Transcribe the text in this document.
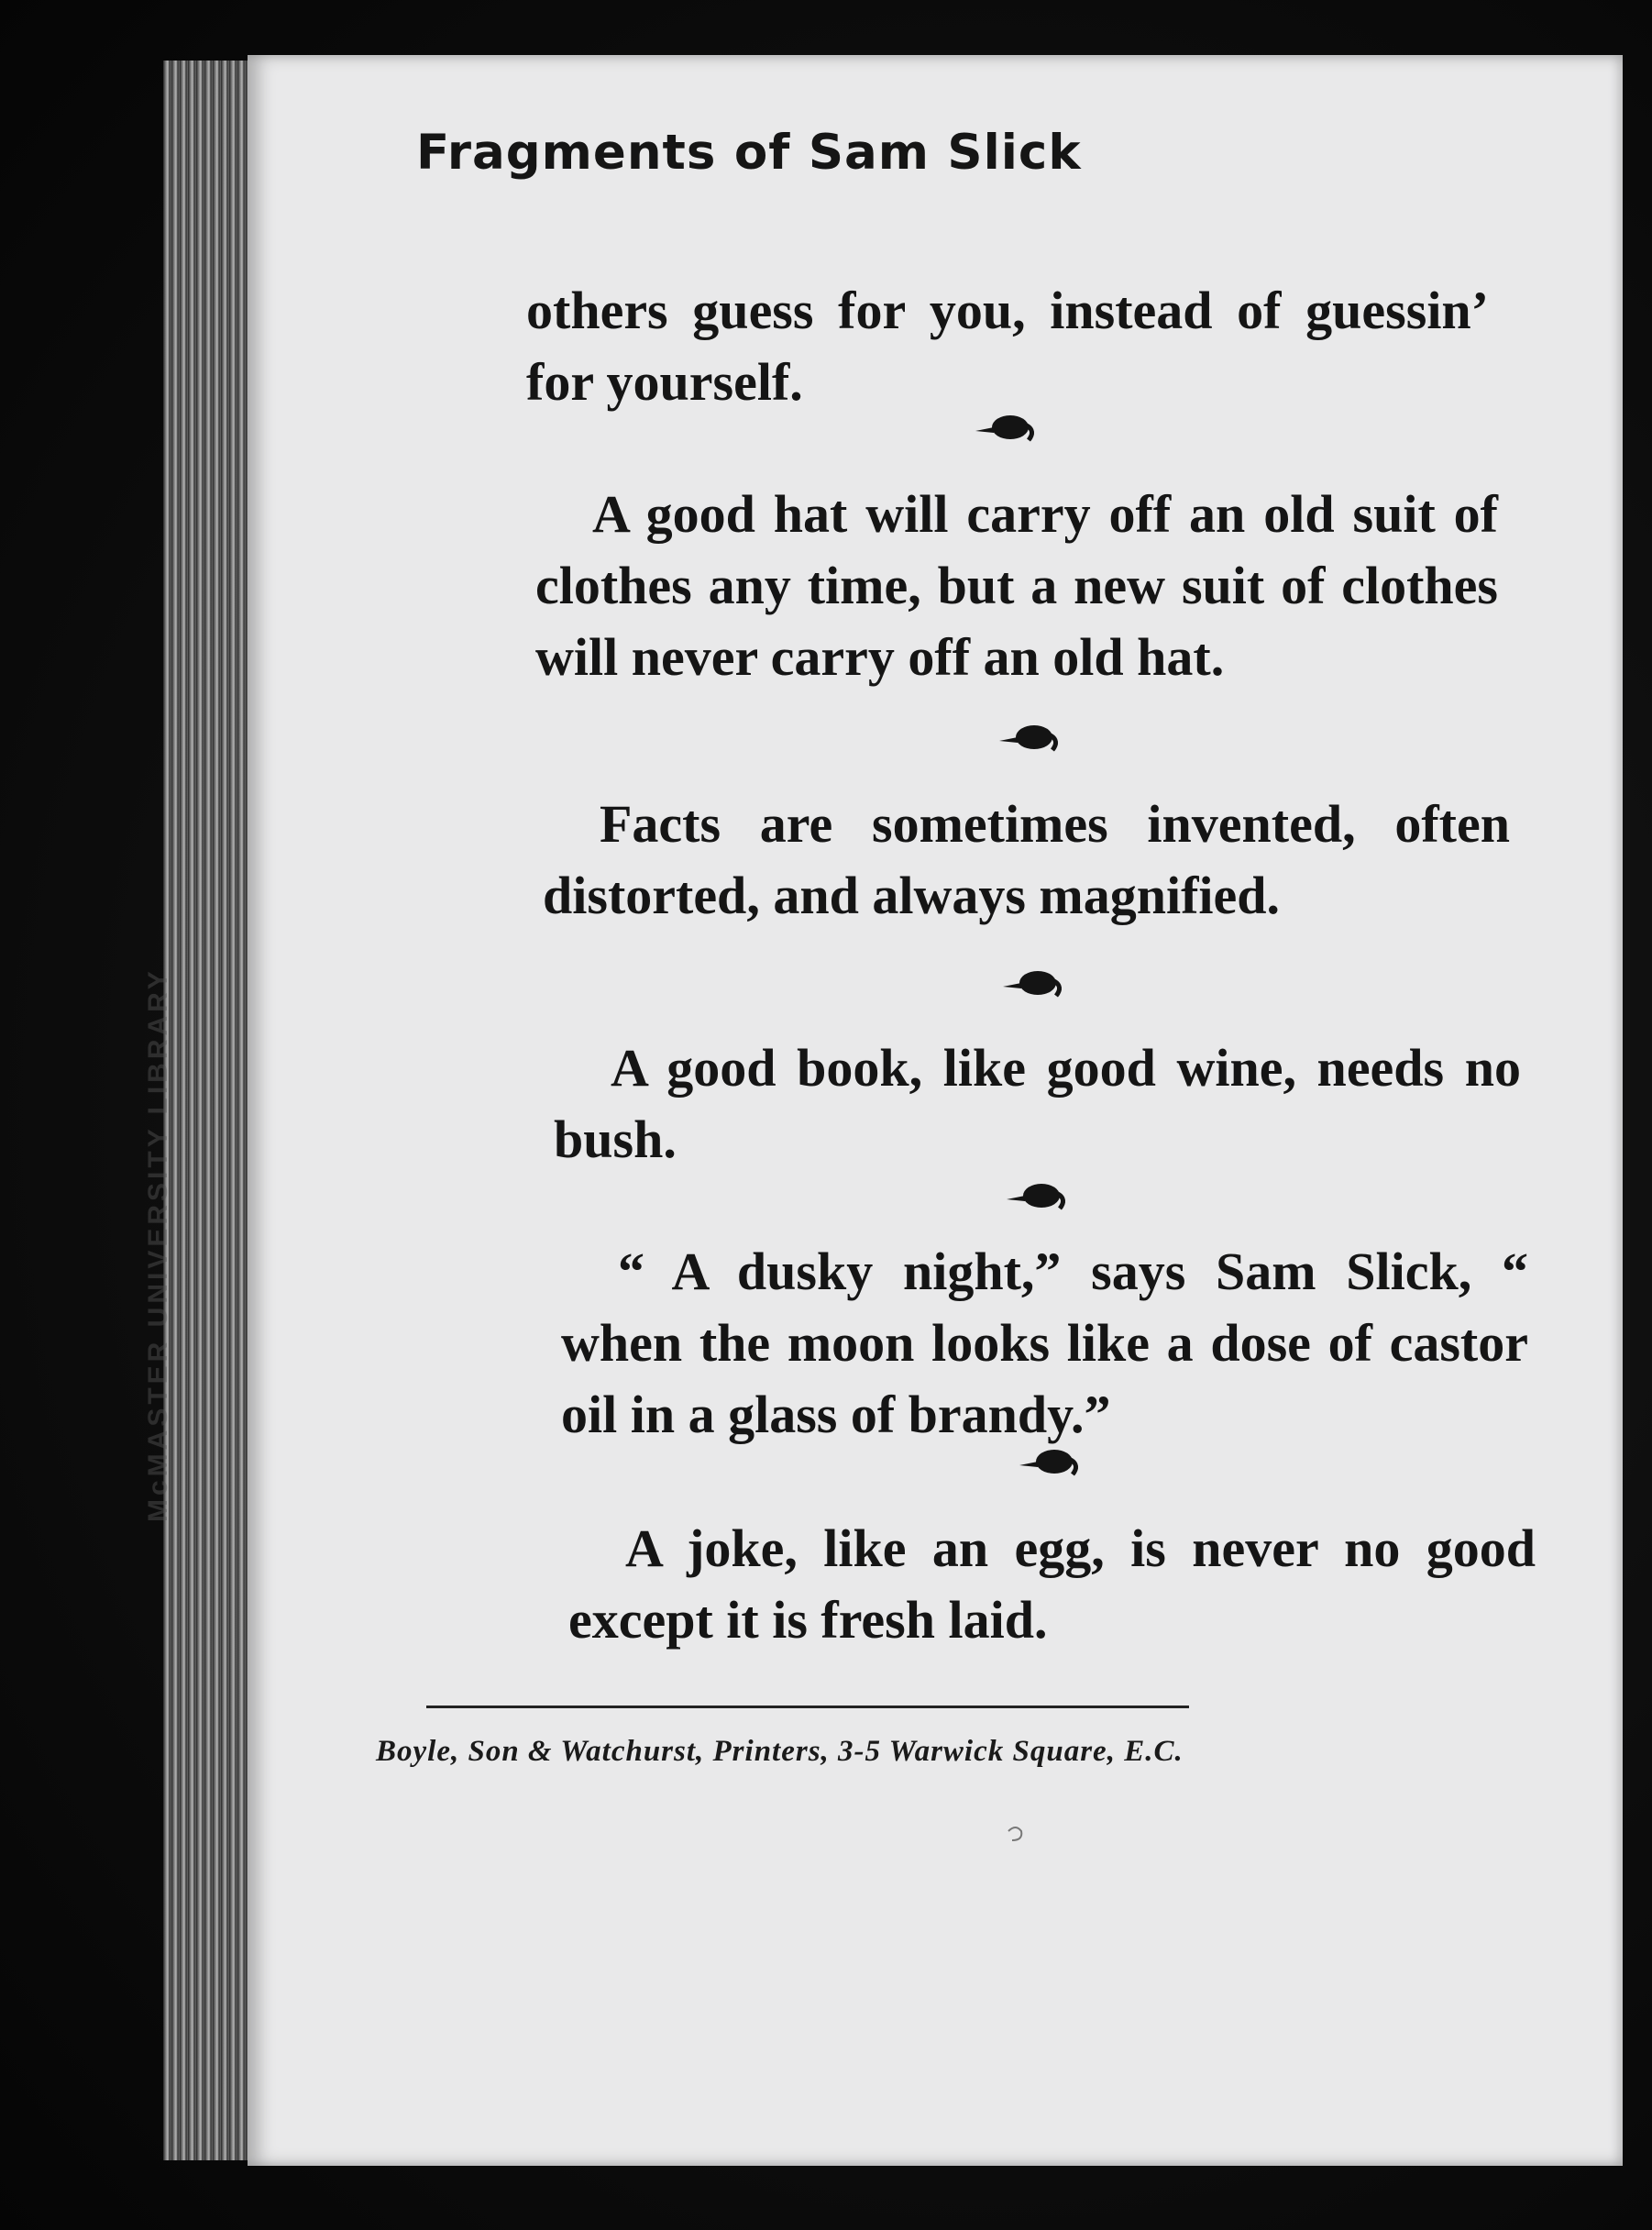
McMASTER UNIVERSITY LIBRARY
Fragments of Sam Slick
others guess for you, instead of guessin’ for yourself.
A good hat will carry off an old suit of clothes any time, but a new suit of clothes will never carry off an old hat.
Facts are sometimes invented, often distorted, and always magnified.
A good book, like good wine, needs no bush.
“ A dusky night,” says Sam Slick, “ when the moon looks like a dose of castor oil in a glass of brandy.”
A joke, like an egg, is never no good except it is fresh laid.
Boyle, Son & Watchurst, Printers, 3-5 Warwick Square, E.C.
